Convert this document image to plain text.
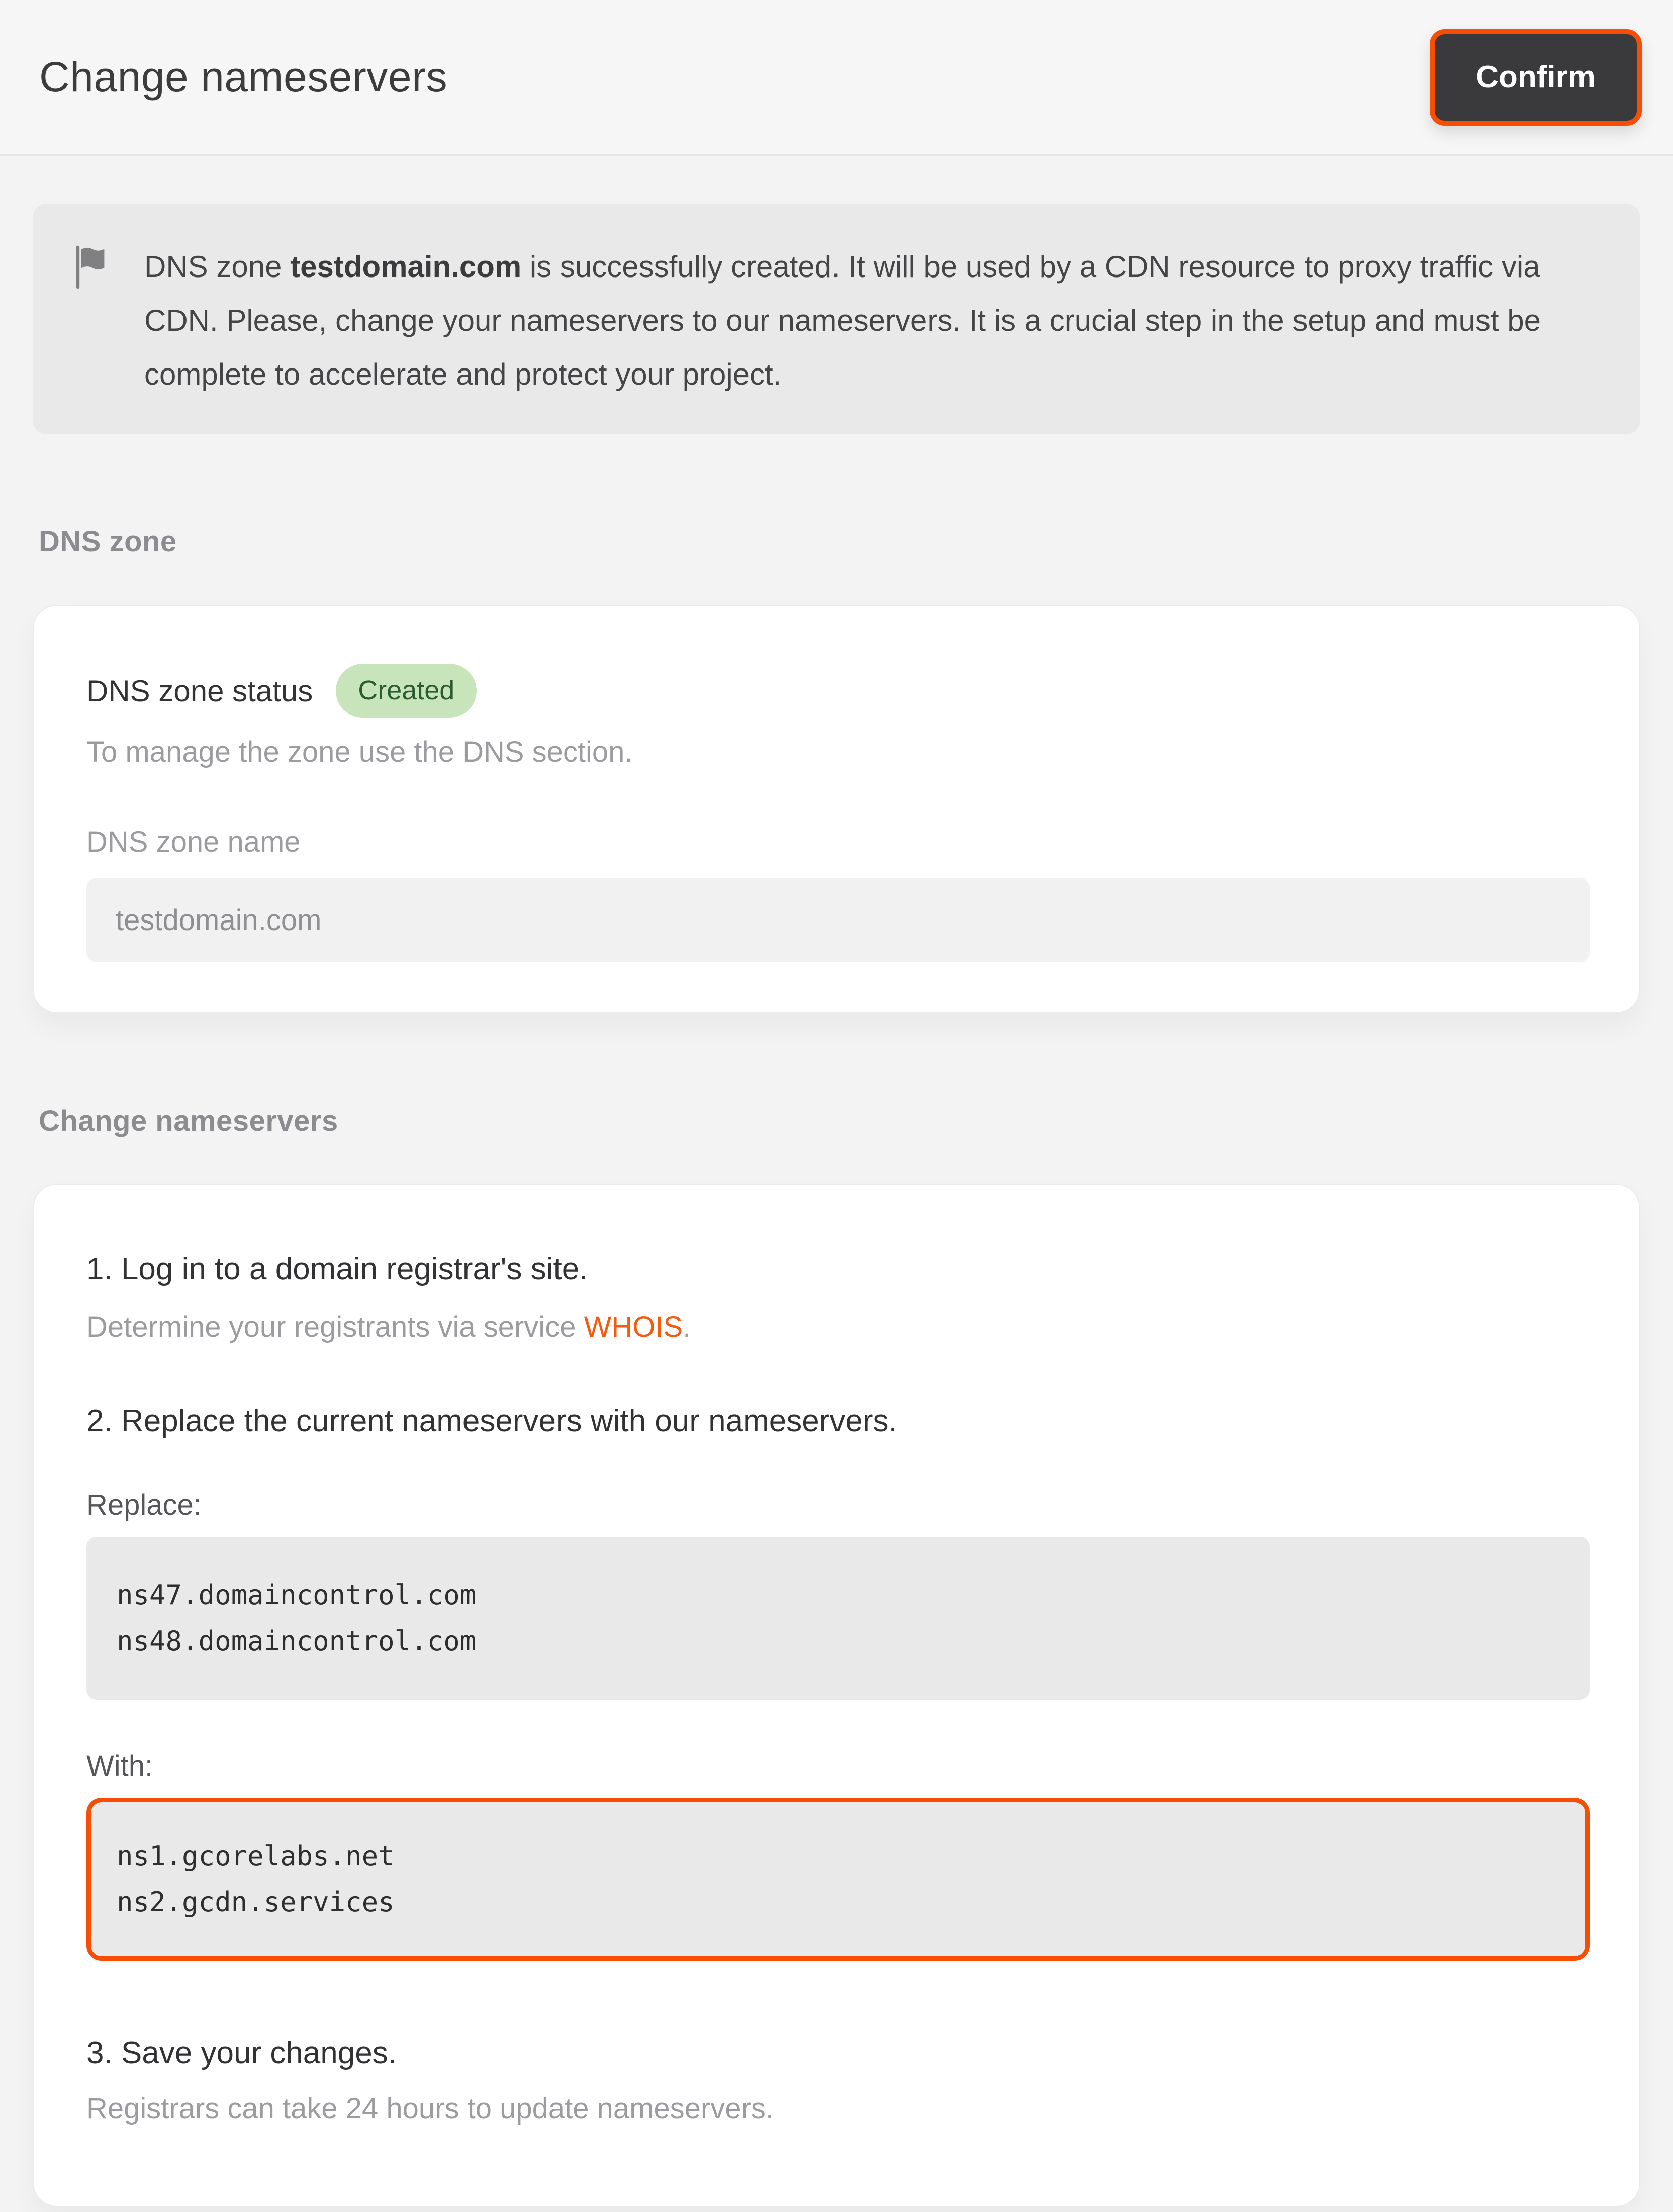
Change nameservers	Confirm
DNS zone testdomain.com is successfully created. It will be used by a CDN resource to proxy traffic via CDN. Please, change your nameservers to our nameservers. It is a crucial step in the setup and must be complete to accelerate and protect your project.
DNS zone
DNS zone status	Created
To manage the zone use the DNS section.
DNS zone name
testdomain.com
Change nameservers
1. Log in to a domain registrar's site.
Determine your registrants via service WHOIS.
2. Replace the current nameservers with our nameservers.
Replace:
ns47.domaincontrol.com
ns48.domaincontrol.com
With:
ns1.gcorelabs.net
ns2.gcdn.services
3. Save your changes.
Registrars can take 24 hours to update nameservers.
